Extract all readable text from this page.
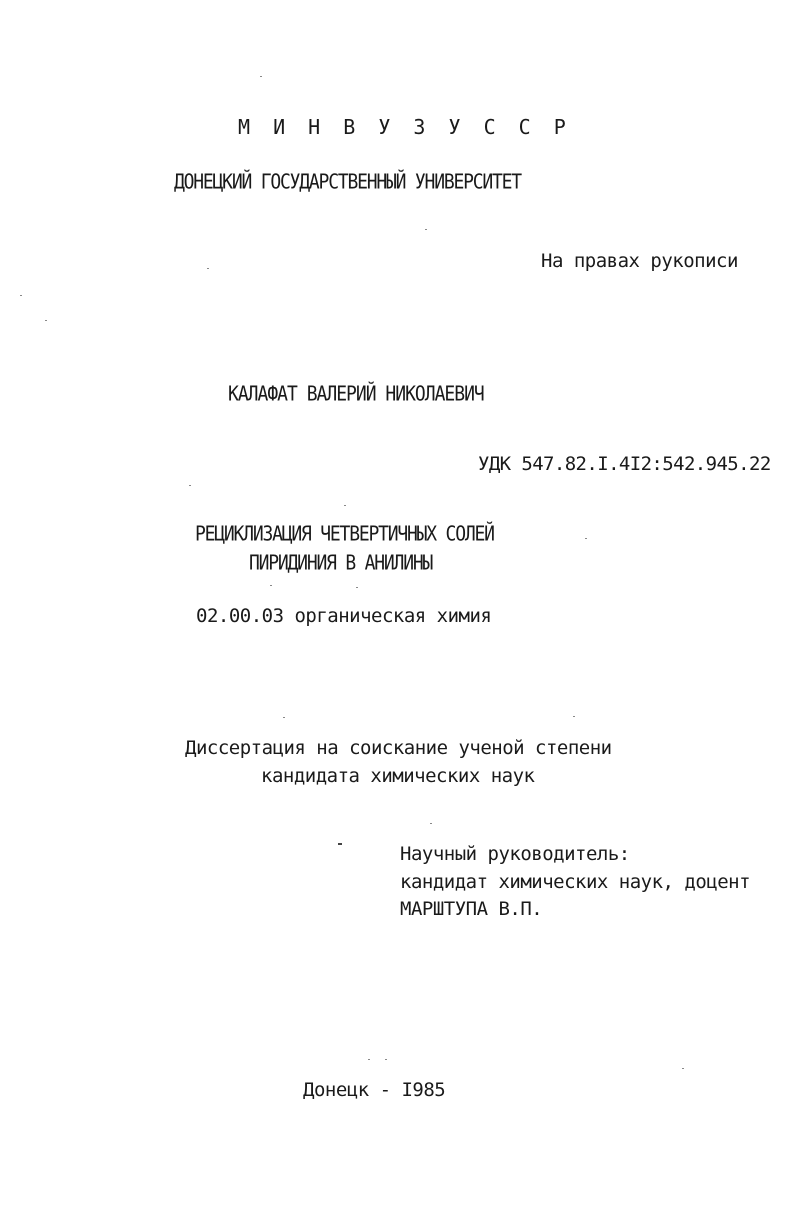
М И Н В У З У С С Р
ДОНЕЦКИЙ ГОСУДАРСТВЕННЫЙ УНИВЕРСИТЕТ
На правах рукописи
КАЛАФАТ ВАЛЕРИЙ НИКОЛАЕВИЧ
УДК 547.82.I.4I2:542.945.22
РЕЦИКЛИЗАЦИЯ ЧЕТВЕРТИЧНЫХ СОЛЕЙ
ПИРИДИНИЯ В АНИЛИНЫ
02.00.03 органическая химия
Диссертация на соискание ученой степени
кандидата химических наук
Научный руководитель:
кандидат химических наук, доцент
МАРШТУПА В.П.
Донецк - I985
